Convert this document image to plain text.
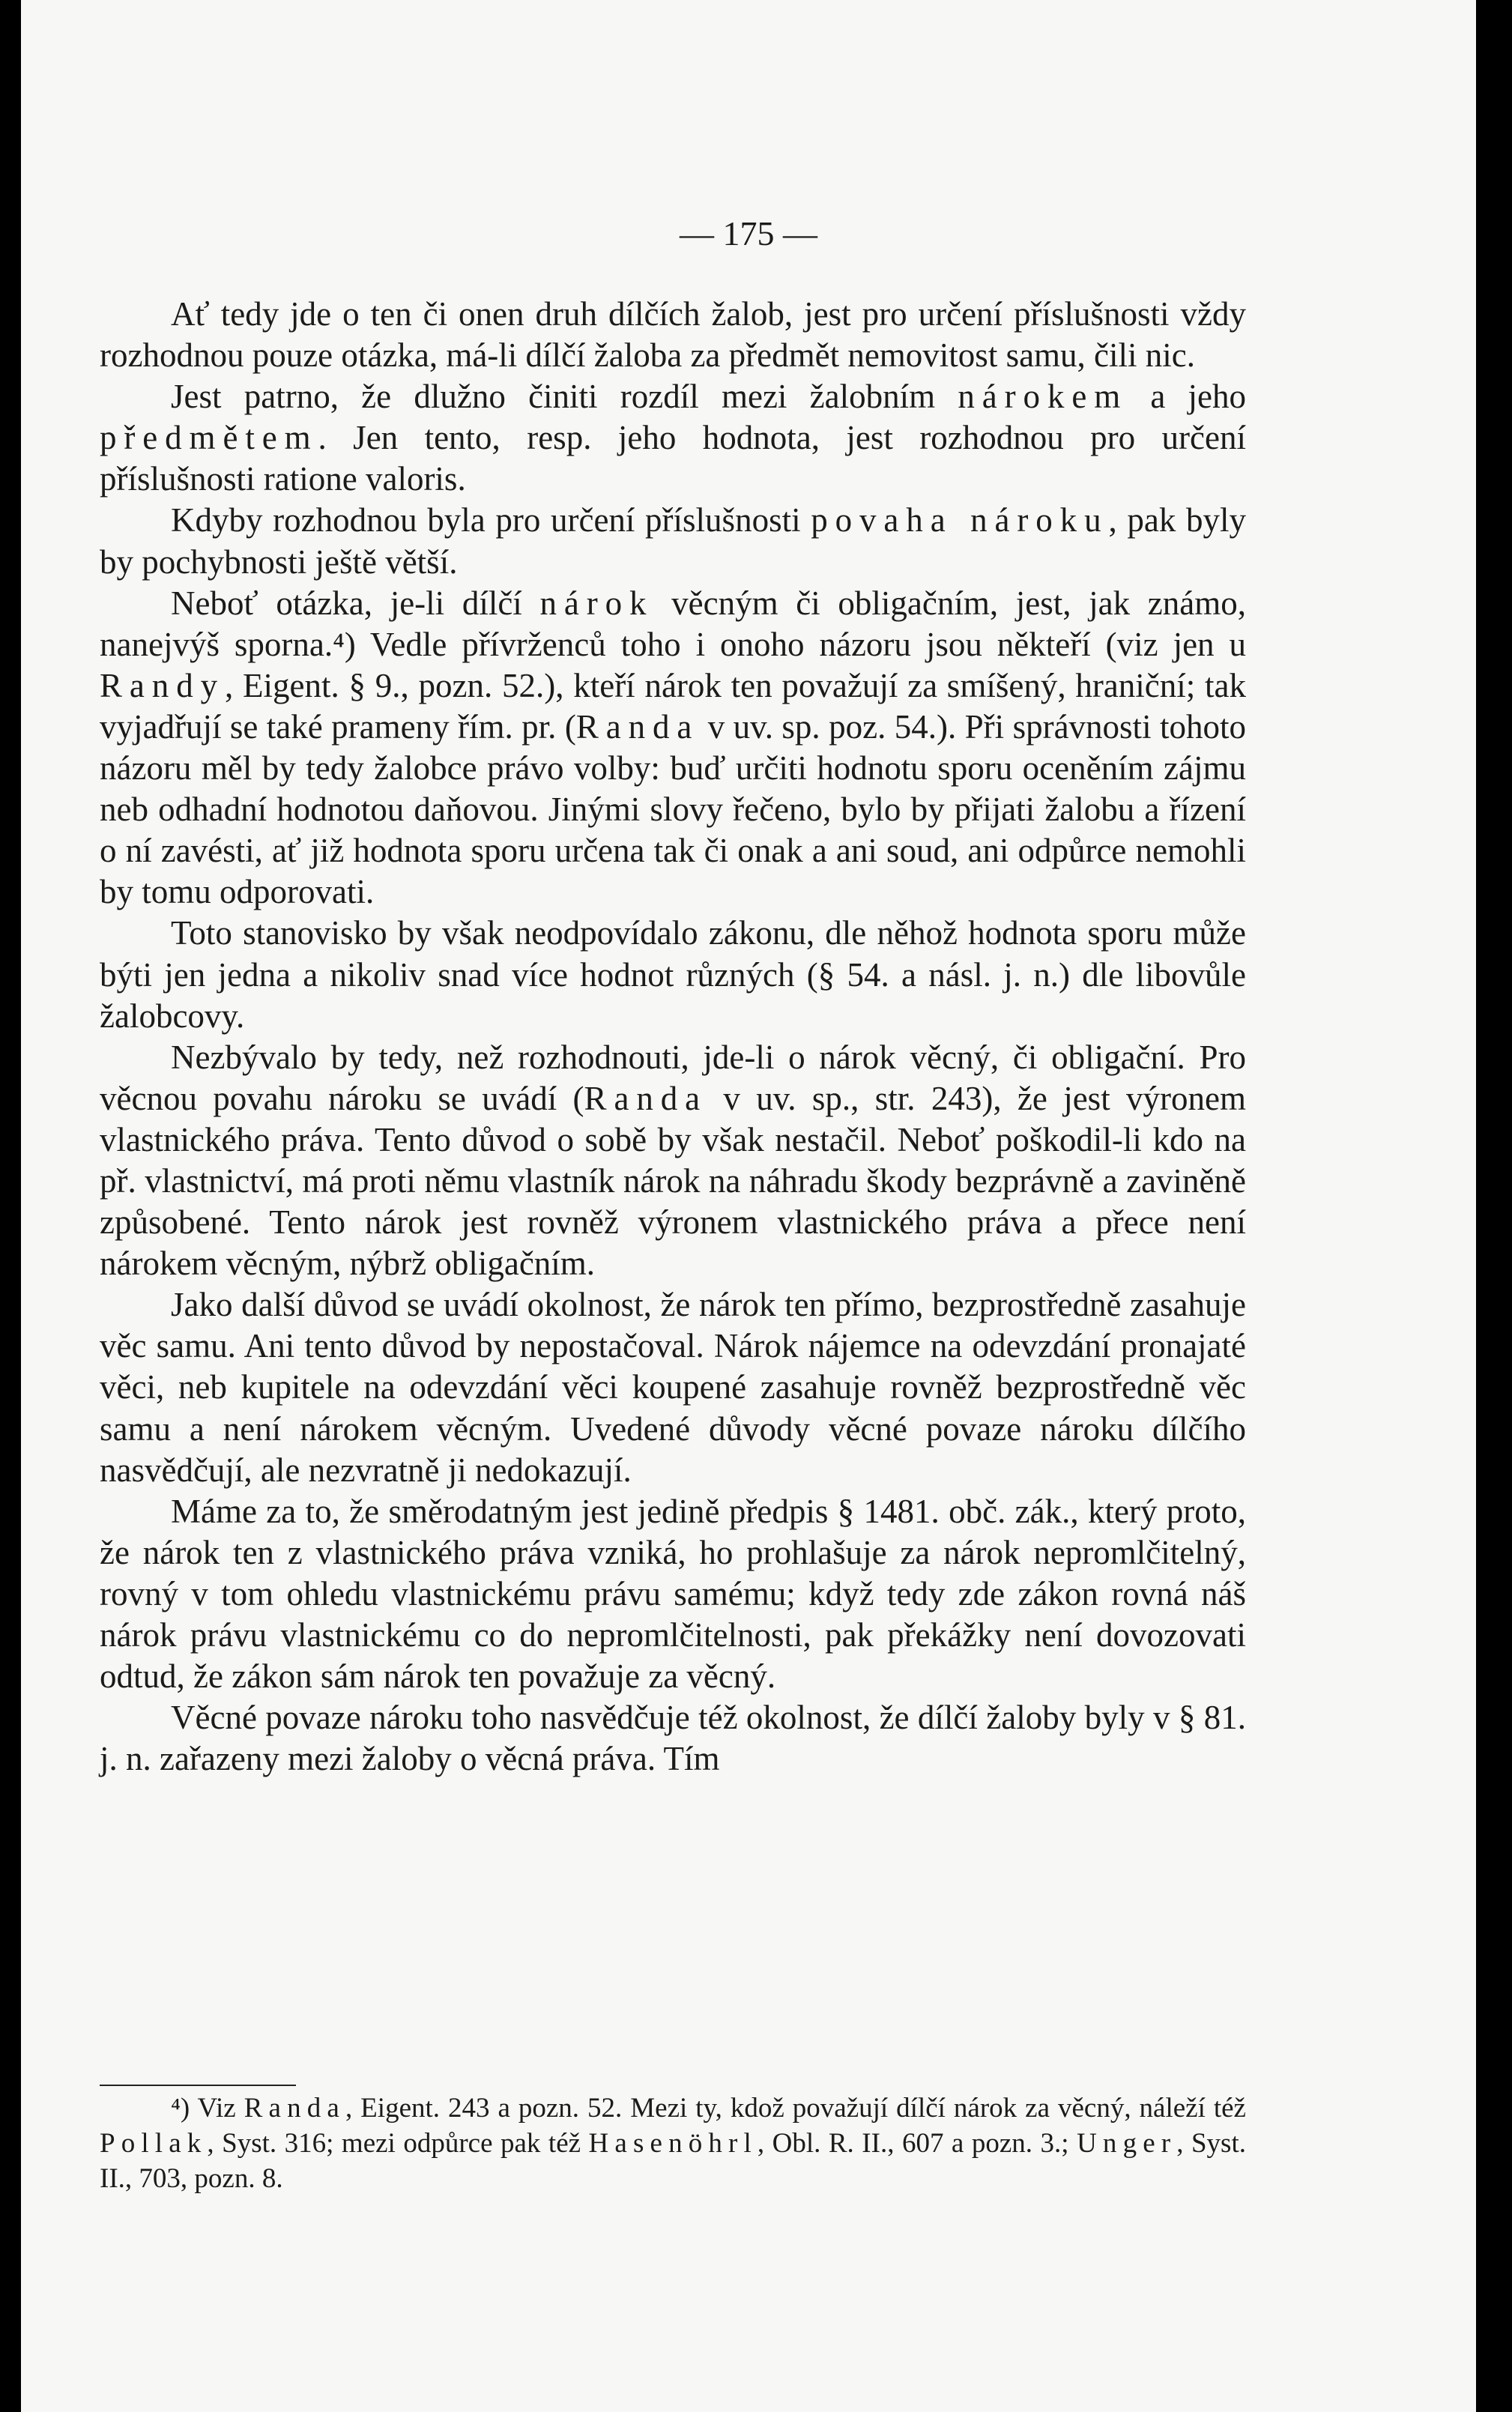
— 175 —

Ať tedy jde o ten či onen druh dílčích žalob, jest pro určení příslušnosti vždy rozhodnou pouze otázka, má-li dílčí žaloba za předmět nemovitost samu, čili nic.

Jest patrno, že dlužno činiti rozdíl mezi žalobním nárokem a jeho předmětem. Jen tento, resp. jeho hodnota, jest rozhodnou pro určení příslušnosti ratione valoris.

Kdyby rozhodnou byla pro určení příslušnosti povaha nároku, pak byly by pochybnosti ještě větší.

Neboť otázka, je-li dílčí nárok věcným či obligačním, jest, jak známo, nanejvýš sporna.⁴) Vedle přívrženců toho i onoho názoru jsou někteří (viz jen u Randy, Eigent. § 9., pozn. 52.), kteří nárok ten považují za smíšený, hraniční; tak vyjadřují se také prameny řím. pr. (Randa v uv. sp. poz. 54.). Při správnosti tohoto názoru měl by tedy žalobce právo volby: buď určiti hodnotu sporu oceněním zájmu neb odhadní hodnotou daňovou. Jinými slovy řečeno, bylo by přijati žalobu a řízení o ní zavésti, ať již hodnota sporu určena tak či onak a ani soud, ani odpůrce nemohli by tomu odporovati.

Toto stanovisko by však neodpovídalo zákonu, dle něhož hodnota sporu může býti jen jedna a nikoliv snad více hodnot různých (§ 54. a násl. j. n.) dle libovůle žalobcovy.

Nezbývalo by tedy, než rozhodnouti, jde-li o nárok věcný, či obligační. Pro věcnou povahu nároku se uvádí (Randa v uv. sp., str. 243), že jest výronem vlastnického práva. Tento důvod o sobě by však nestačil. Neboť poškodil-li kdo na př. vlastnictví, má proti němu vlastník nárok na náhradu škody bezprávně a zaviněně způsobené. Tento nárok jest rovněž výronem vlastnického práva a přece není nárokem věcným, nýbrž obligačním.

Jako další důvod se uvádí okolnost, že nárok ten přímo, bezprostředně zasahuje věc samu. Ani tento důvod by nepostačoval. Nárok nájemce na odevzdání pronajaté věci, neb kupitele na odevzdání věci koupené zasahuje rovněž bezprostředně věc samu a není nárokem věcným. Uvedené důvody věcné povaze nároku dílčího nasvědčují, ale nezvratně ji nedokazují.

Máme za to, že směrodatným jest jedině předpis § 1481. obč. zák., který proto, že nárok ten z vlastnického práva vzniká, ho prohlašuje za nárok nepromlčitelný, rovný v tom ohledu vlastnickému právu samému; když tedy zde zákon rovná náš nárok právu vlastnickému co do nepromlčitelnosti, pak překážky není dovozovati odtud, že zákon sám nárok ten považuje za věcný.

Věcné povaze nároku toho nasvědčuje též okolnost, že dílčí žaloby byly v § 81. j. n. zařazeny mezi žaloby o věcná práva. Tím

⁴) Viz Randa, Eigent. 243 a pozn. 52. Mezi ty, kdož považují dílčí nárok za věcný, náleží též Pollak, Syst. 316; mezi odpůrce pak též Hasenöhrl, Obl. R. II., 607 a pozn. 3.; Unger, Syst. II., 703, pozn. 8.
